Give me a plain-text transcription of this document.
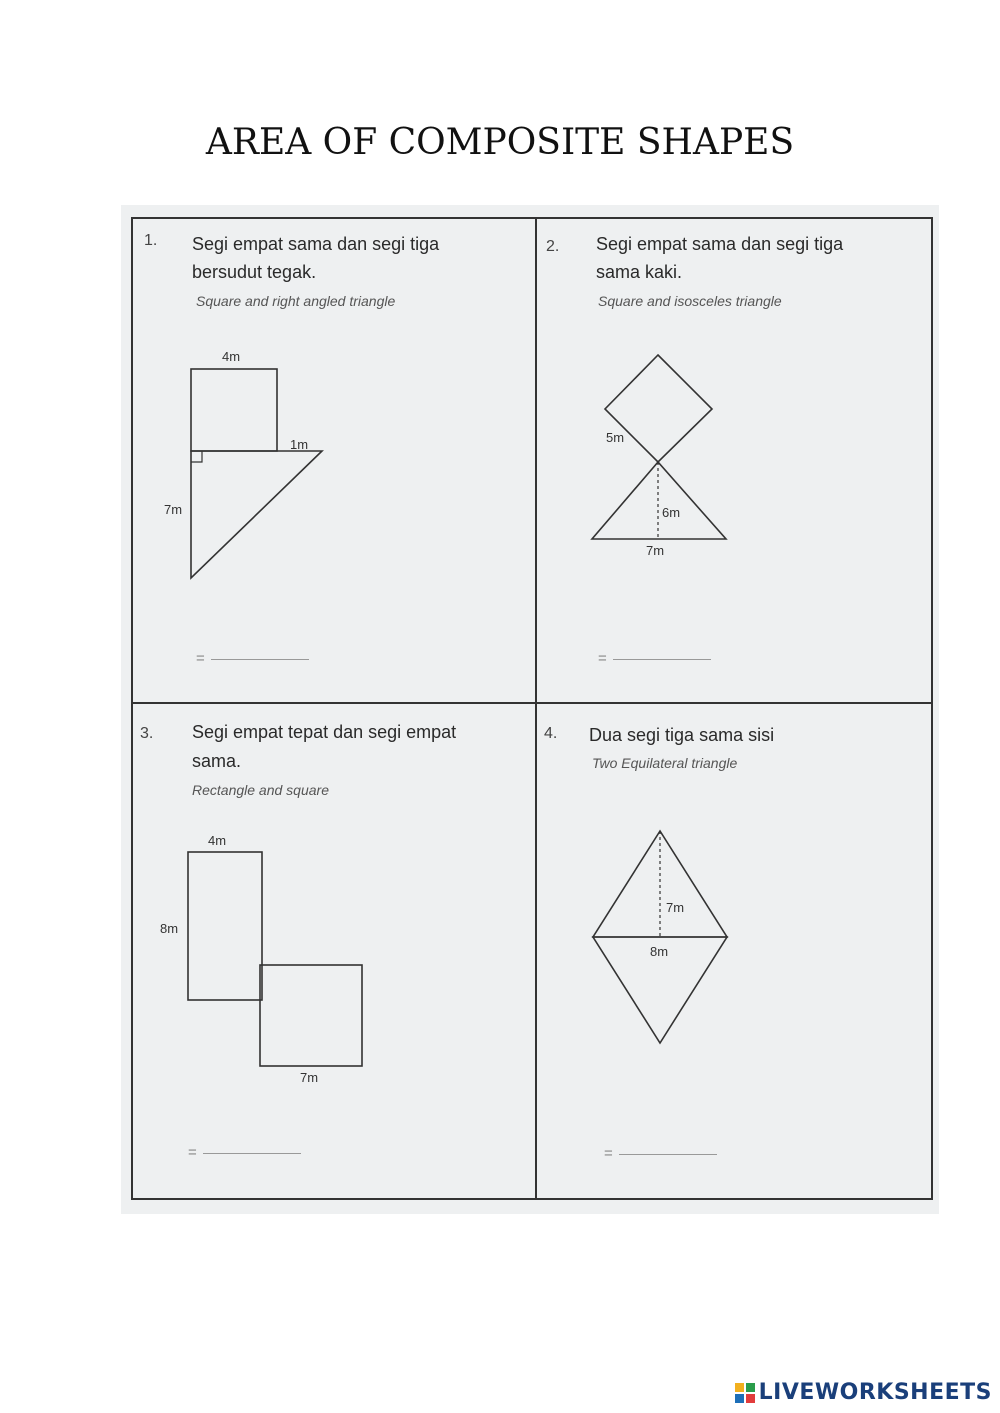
AREA OF COMPOSITE SHAPES
1. Segi empat sama dan segi tiga
bersudut tegak.
Square and right angled triangle
4m
1m
7m
=
2. Segi empat sama dan segi tiga
sama kaki.
Square and isosceles triangle
5m
6m
7m
=
3. Segi empat tepat dan segi empat
sama.
Rectangle and square
4m
8m
7m
=
4. Dua segi tiga sama sisi
Two Equilateral triangle
7m
8m
=
LIVEWORKSHEETS
